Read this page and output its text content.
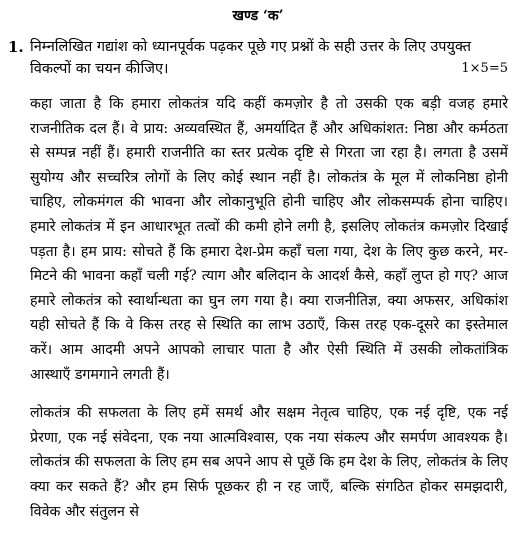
खण्ड ‘क’
1. निम्नलिखित गद्यांश को ध्यानपूर्वक पढ़कर पूछे गए प्रश्नों के सही उत्तर के लिए उपयुक्त विकल्पों का चयन कीजिए।	1×5=5

कहा जाता है कि हमारा लोकतंत्र यदि कहीं कमज़ोर है तो उसकी एक बड़ी वजह हमारे राजनीतिक दल हैं। वे प्राय: अव्यवस्थित हैं, अमर्यादित हैं और अधिकांशत: निष्ठा और कर्मठता से सम्पन्न नहीं हैं। हमारी राजनीति का स्तर प्रत्येक दृष्टि से गिरता जा रहा है। लगता है उसमें सुयोग्य और सच्चरित्र लोगों के लिए कोई स्थान नहीं है। लोकतंत्र के मूल में लोकनिष्ठा होनी चाहिए, लोकमंगल की भावना और लोकानुभूति होनी चाहिए और लोकसम्पर्क होना चाहिए। हमारे लोकतंत्र में इन आधारभूत तत्वों की कमी होने लगी है, इसलिए लोकतंत्र कमज़ोर दिखाई पड़ता है। हम प्राय: सोचते हैं कि हमारा देश-प्रेम कहाँ चला गया, देश के लिए कुछ करने, मर-मिटने की भावना कहाँ चली गई? त्याग और बलिदान के आदर्श कैसे, कहाँ लुप्त हो गए? आज हमारे लोकतंत्र को स्वार्थान्धता का घुन लग गया है। क्या राजनीतिज्ञ, क्या अफसर, अधिकांश यही सोचते हैं कि वे किस तरह से स्थिति का लाभ उठाएँ, किस तरह एक-दूसरे का इस्तेमाल करें। आम आदमी अपने आपको लाचार पाता है और ऐसी स्थिति में उसकी लोकतांत्रिक आस्थाएँ डगमगाने लगती हैं।

लोकतंत्र की सफलता के लिए हमें समर्थ और सक्षम नेतृत्व चाहिए, एक नई दृष्टि, एक नई प्रेरणा, एक नई संवेदना, एक नया आत्मविश्वास, एक नया संकल्प और समर्पण आवश्यक है। लोकतंत्र की सफलता के लिए हम सब अपने आप से पूछें कि हम देश के लिए, लोकतंत्र के लिए क्या कर सकते हैं? और हम सिर्फ पूछकर ही न रह जाएँ, बल्कि संगठित होकर समझदारी, विवेक और संतुलन से
